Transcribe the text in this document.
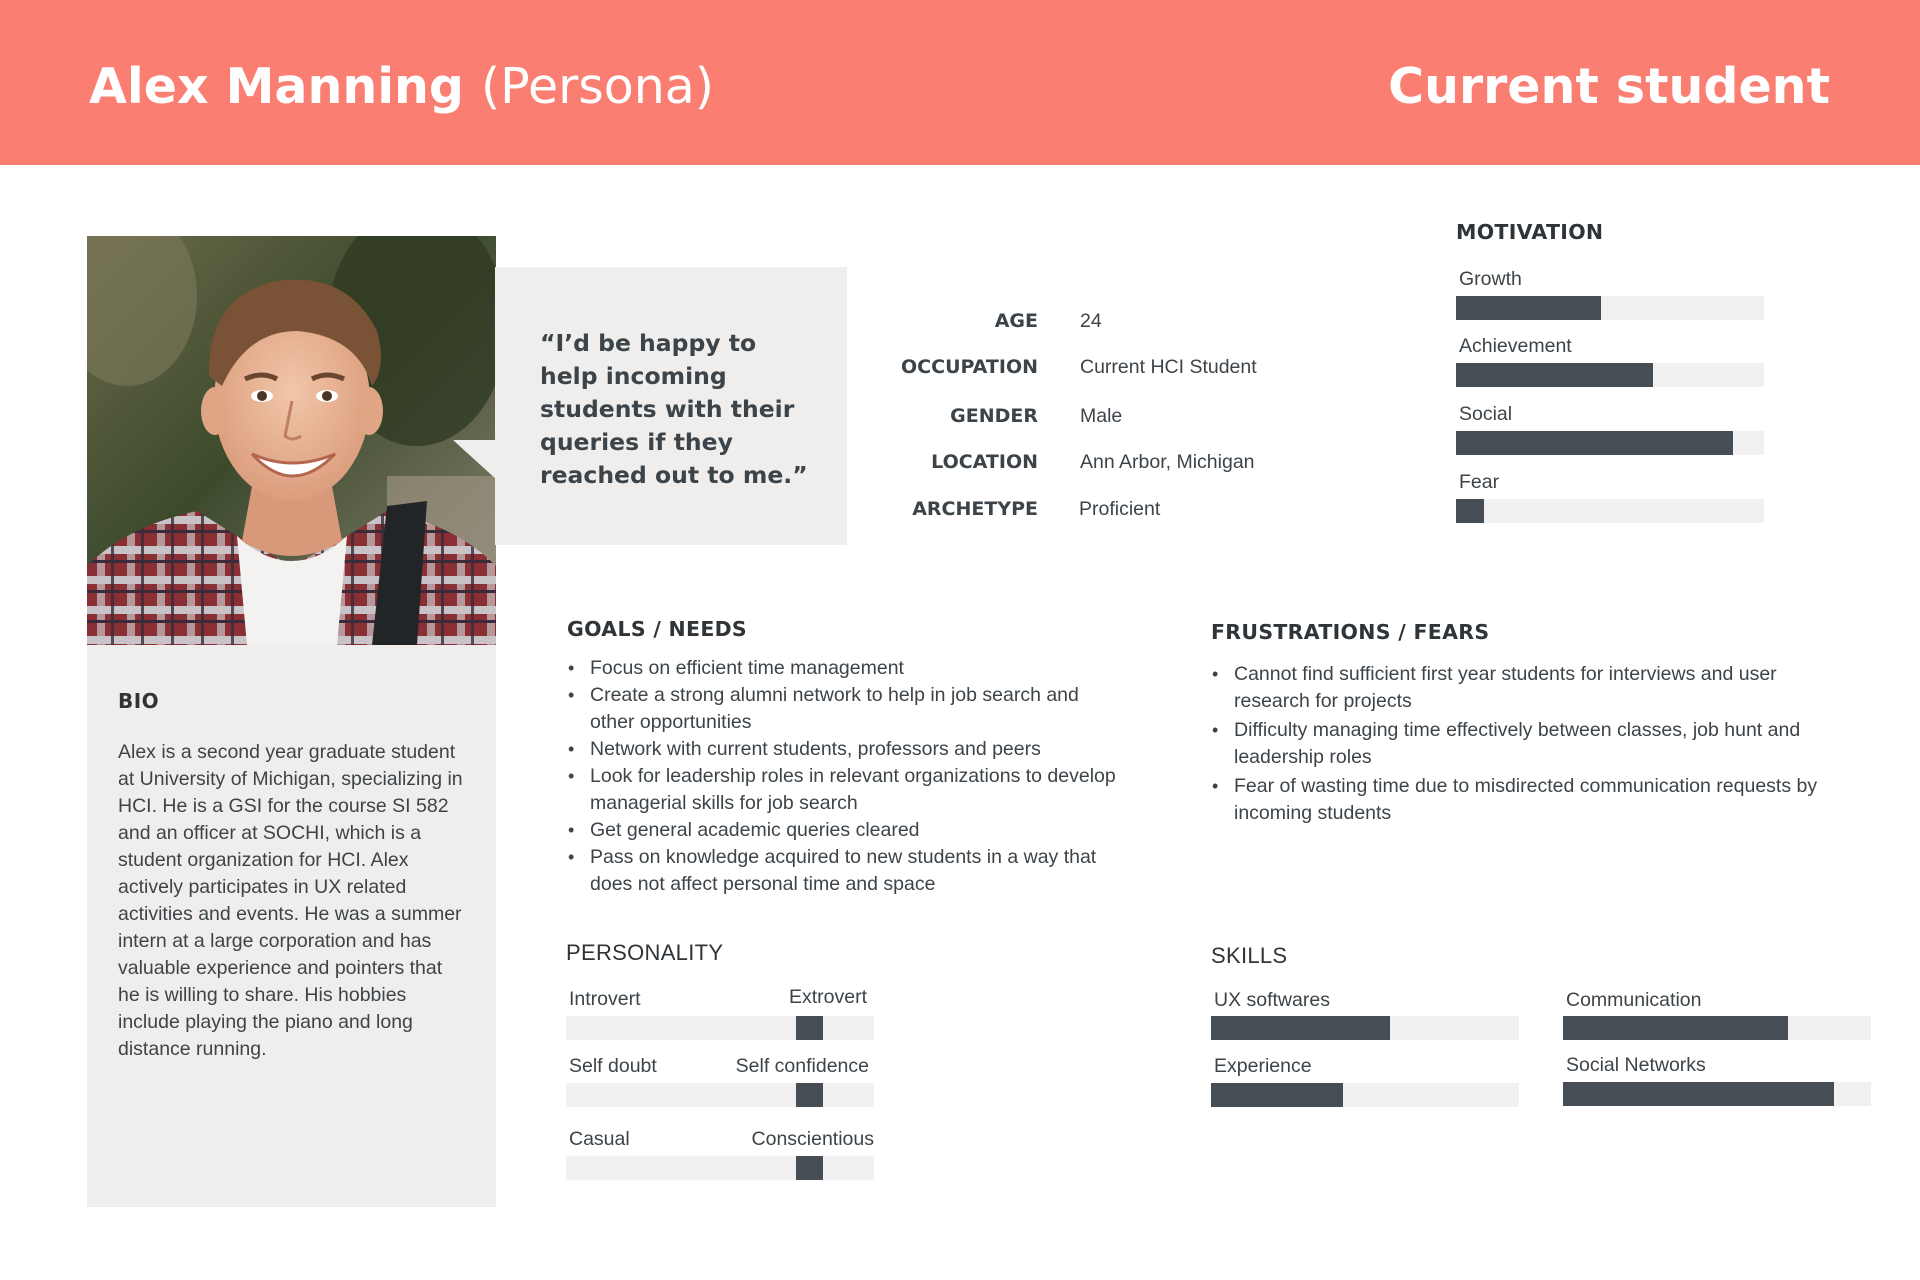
Alex Manning (Persona)	Current student
BIO
Alex is a second year graduate student at University of Michigan, specializing in HCI. He is a GSI for the course SI 582 and an officer at SOCHI, which is a student organization for HCI. Alex actively participates in UX related activities and events. He was a summer intern at a large corporation and has valuable experience and pointers that he is willing to share. His hobbies include playing the piano and long distance running.
“I’d be happy to help incoming students with their queries if they reached out to me.”
AGE 24
OCCUPATION Current HCI Student
GENDER Male
LOCATION Ann Arbor, Michigan
ARCHETYPE Proficient
MOTIVATION
Growth
Achievement
Social
Fear
GOALS / NEEDS
• Focus on efficient time management
• Create a strong alumni network to help in job search and other opportunities
• Network with current students, professors and peers
• Look for leadership roles in relevant organizations to develop managerial skills for job search
• Get general academic queries cleared
• Pass on knowledge acquired to new students in a way that does not affect personal time and space
FRUSTRATIONS / FEARS
• Cannot find sufficient first year students for interviews and user research for projects
• Difficulty managing time effectively between classes, job hunt and leadership roles
• Fear of wasting time due to misdirected communication requests by incoming students
PERSONALITY
Introvert	Extrovert
Self doubt	Self confidence
Casual	Conscientious
SKILLS
UX softwares	Communication
Experience	Social Networks
